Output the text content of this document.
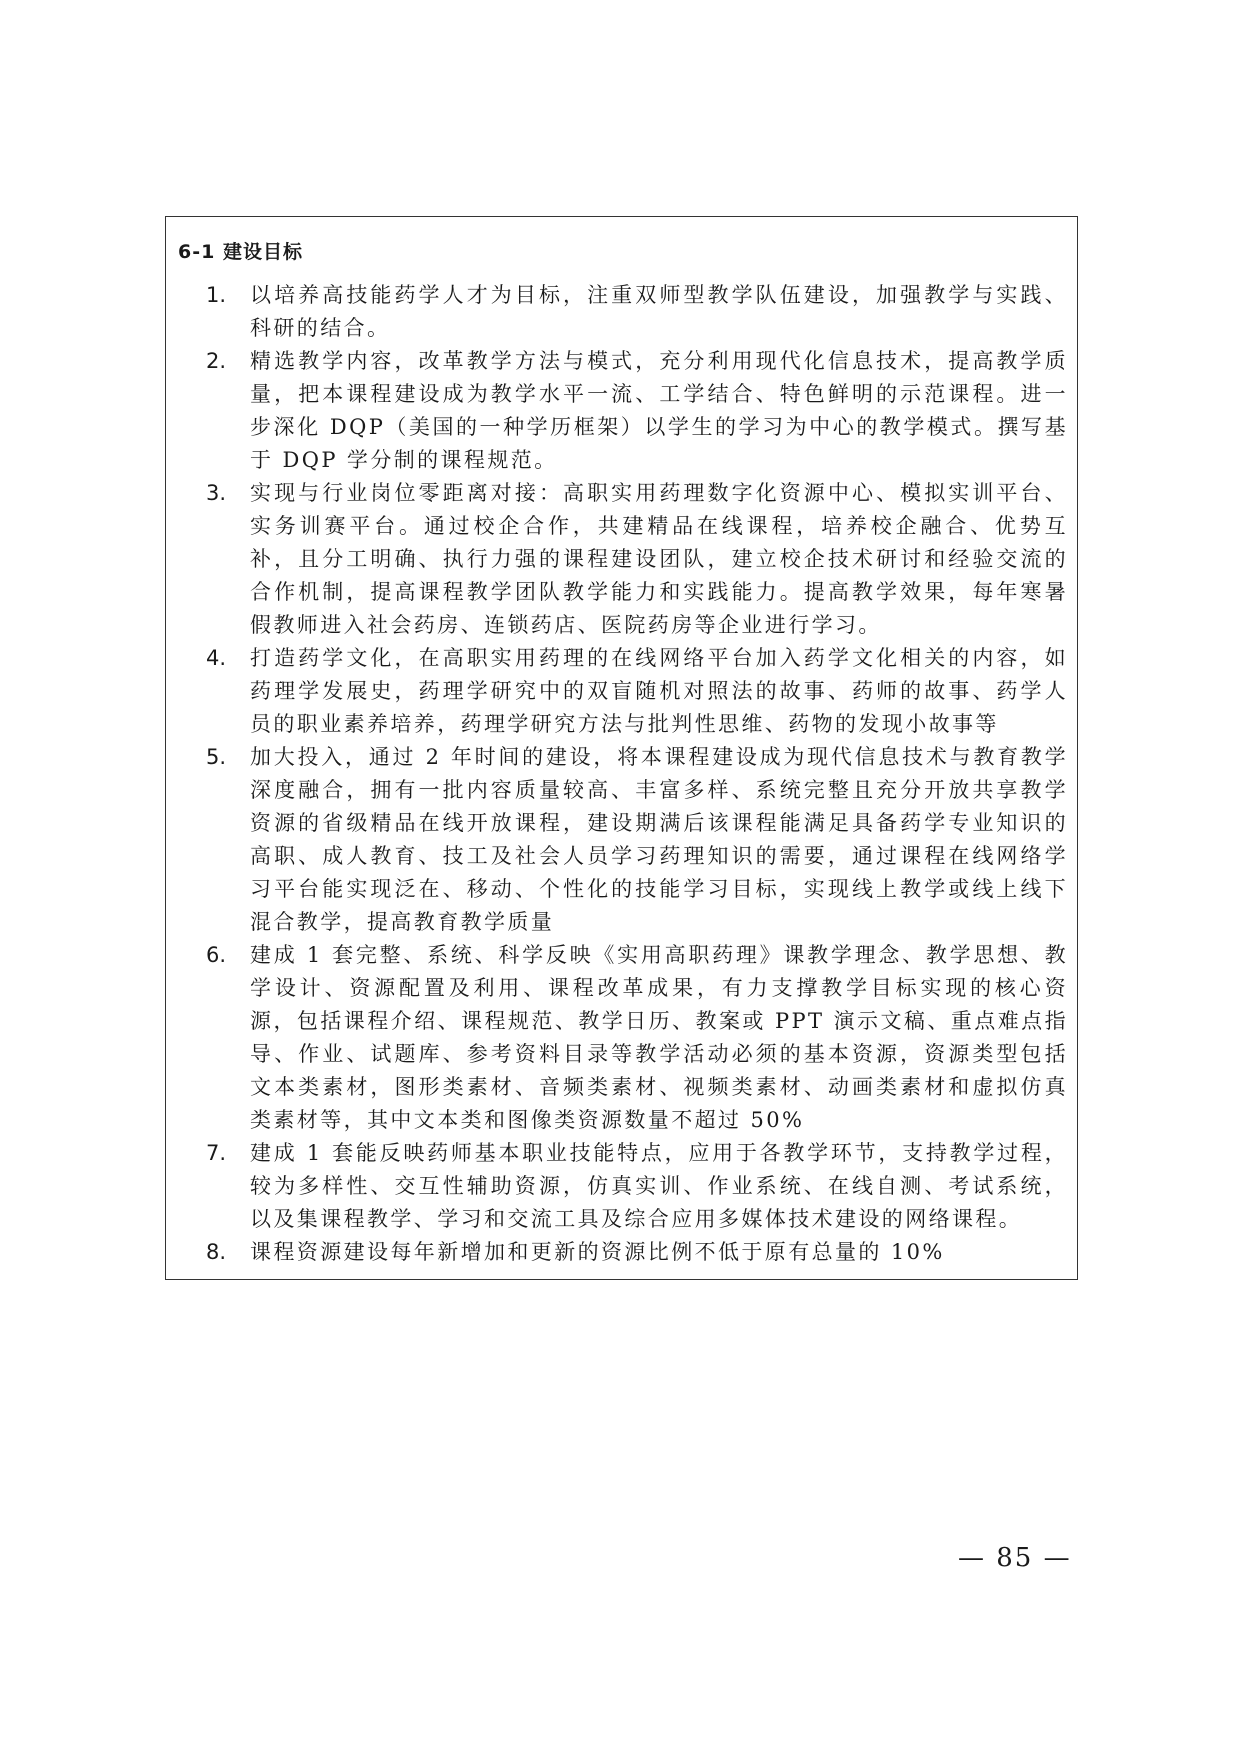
6-1 建设目标
1.	以培养高技能药学人才为目标，注重双师型教学队伍建设，加强教学与实践、科研的结合。
2.	精选教学内容，改革教学方法与模式，充分利用现代化信息技术，提高教学质量，把本课程建设成为教学水平一流、工学结合、特色鲜明的示范课程。进一步深化 DQP（美国的一种学历框架）以学生的学习为中心的教学模式。撰写基于 DQP 学分制的课程规范。
3.	实现与行业岗位零距离对接：高职实用药理数字化资源中心、模拟实训平台、实务训赛平台。通过校企合作，共建精品在线课程，培养校企融合、优势互补，且分工明确、执行力强的课程建设团队，建立校企技术研讨和经验交流的合作机制，提高课程教学团队教学能力和实践能力。提高教学效果，每年寒暑假教师进入社会药房、连锁药店、医院药房等企业进行学习。
4.	打造药学文化，在高职实用药理的在线网络平台加入药学文化相关的内容，如药理学发展史，药理学研究中的双盲随机对照法的故事、药师的故事、药学人员的职业素养培养，药理学研究方法与批判性思维、药物的发现小故事等
5.	加大投入，通过 2 年时间的建设，将本课程建设成为现代信息技术与教育教学深度融合，拥有一批内容质量较高、丰富多样、系统完整且充分开放共享教学资源的省级精品在线开放课程，建设期满后该课程能满足具备药学专业知识的高职、成人教育、技工及社会人员学习药理知识的需要，通过课程在线网络学习平台能实现泛在、移动、个性化的技能学习目标，实现线上教学或线上线下混合教学，提高教育教学质量
6.	建成 1 套完整、系统、科学反映《实用高职药理》课教学理念、教学思想、教学设计、资源配置及利用、课程改革成果，有力支撑教学目标实现的核心资源，包括课程介绍、课程规范、教学日历、教案或 PPT 演示文稿、重点难点指导、作业、试题库、参考资料目录等教学活动必须的基本资源，资源类型包括文本类素材，图形类素材、音频类素材、视频类素材、动画类素材和虚拟仿真类素材等，其中文本类和图像类资源数量不超过 50%
7.	建成 1 套能反映药师基本职业技能特点，应用于各教学环节，支持教学过程，较为多样性、交互性辅助资源，仿真实训、作业系统、在线自测、考试系统，以及集课程教学、学习和交流工具及综合应用多媒体技术建设的网络课程。
8.	课程资源建设每年新增加和更新的资源比例不低于原有总量的 10%
— 85 —
